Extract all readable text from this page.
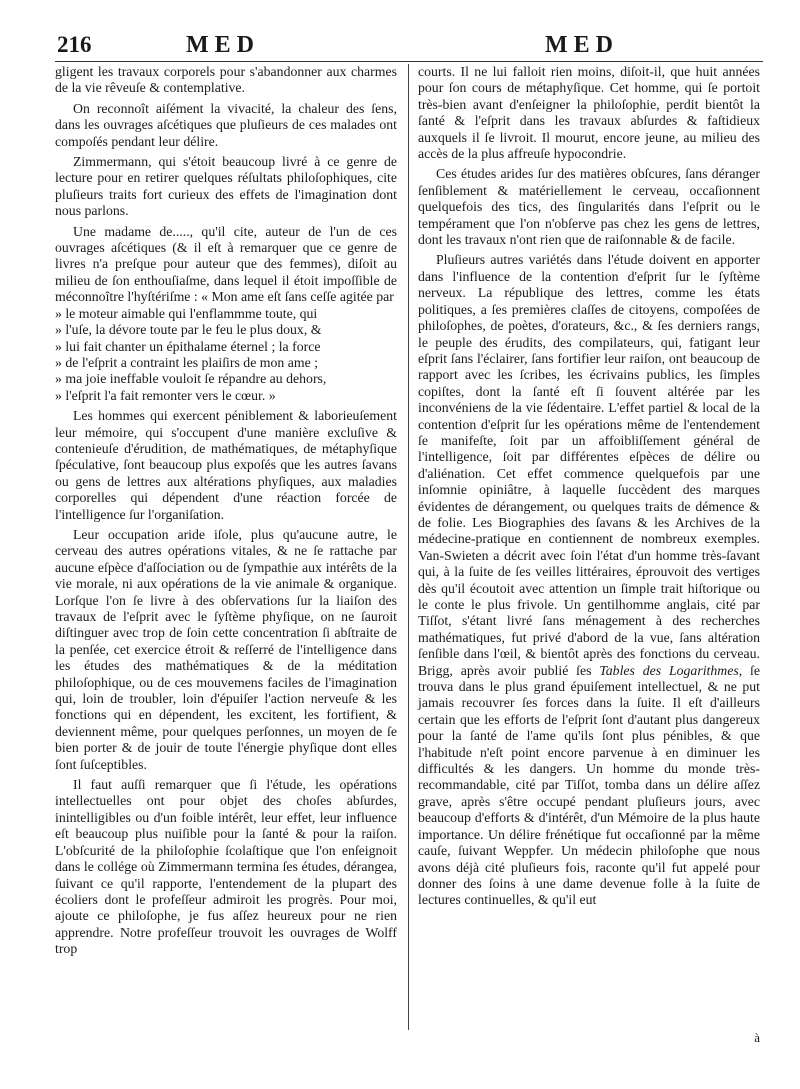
216	MED	MED

gligent les travaux corporels pour s'abandonner aux charmes de la vie rêveuſe & contemplative.

On reconnoît aiſément la vivacité, la chaleur des ſens, dans les ouvrages aſcétiques que pluſieurs de ces malades ont compoſés pendant leur délire.

Zimmermann, qui s'étoit beaucoup livré à ce genre de lecture pour en retirer quelques réſultats philoſophiques, cite pluſieurs traits fort curieux des effets de l'imagination dont nous parlons.

Une madame de....., qu'il cite, auteur de l'un de ces ouvrages aſcétiques (& il eſt à remarquer que ce genre de livres n'a preſque pour auteur que des femmes), diſoit au milieu de ſon enthouſiaſme, dans lequel il étoit impoſſible de méconnoître l'hyſtériſme : « Mon ame eſt ſans ceſſe agitée par

» le moteur aimable qui l'enflammme toute, qui
» l'uſe, la dévore toute par le feu le plus doux, &
» lui fait chanter un épithalame éternel ; la force
» de l'eſprit a contraint les plaiſirs de mon ame ;
» ma joie ineffable vouloit ſe répandre au dehors,
» l'eſprit l'a fait remonter vers le cœur. »

Les hommes qui exercent péniblement & laborieuſement leur mémoire, qui s'occupent d'une manière excluſive & contenieuſe d'érudition, de mathématiques, de métaphyſique ſpéculative, ſont beaucoup plus expoſés que les autres ſavans ou gens de lettres aux altérations phyſiques, aux maladies corporelles qui dépendent d'une réaction forcée de l'intelligence ſur l'organiſation.

Leur occupation aride iſole, plus qu'aucune autre, le cerveau des autres opérations vitales, & ne ſe rattache par aucune eſpèce d'aſſociation ou de ſympathie aux intérêts de la vie morale, ni aux opérations de la vie animale & organique. Lorſque l'on ſe livre à des obſervations ſur la liaiſon des travaux de l'eſprit avec le ſyſtème phyſique, on ne ſauroit diſtinguer avec trop de ſoin cette concentration ſi abſtraite de la penſée, cet exercice étroit & reſſerré de l'intelligence dans les études des mathématiques & de la méditation philoſophique, ou de ces mouvemens faciles de l'imagination qui, loin de troubler, loin d'épuiſer l'action nerveuſe & les fonctions qui en dépendent, les excitent, les fortifient, & deviennent même, pour quelques perſonnes, un moyen de ſe bien porter & de jouir de toute l'énergie phyſique dont elles ſont ſuſceptibles.

Il faut auſſi remarquer que ſi l'étude, les opérations intellectuelles ont pour objet des choſes abſurdes, inintelligibles ou d'un foible intérêt, leur effet, leur influence eſt beaucoup plus nuiſible pour la ſanté & pour la raiſon. L'obſcurité de la philoſophie ſcolaſtique que l'on enſeignoit dans le collége où Zimmermann termina ſes études, dérangea, ſuivant ce qu'il rapporte, l'entendement de la plupart des écoliers dont le profeſſeur admiroit les progrès. Pour moi, ajoute ce philoſophe, je fus aſſez heureux pour ne rien apprendre. Notre profeſſeur trouvoit les ouvrages de Wolff trop

courts. Il ne lui falloit rien moins, diſoit-il, que huit années pour ſon cours de métaphyſique. Cet homme, qui ſe portoit très-bien avant d'enſeigner la philoſophie, perdit bientôt la ſanté & l'eſprit dans les travaux abſurdes & faſtidieux auxquels il ſe livroit. Il mourut, encore jeune, au milieu des accès de la plus affreuſe hypocondrie.

Ces études arides ſur des matières obſcures, ſans déranger ſenſiblement & matériellement le cerveau, occaſionnent quelquefois des tics, des ſingularités dans l'eſprit ou le tempérament que l'on n'obſerve pas chez les gens de lettres, dont les travaux n'ont rien que de raiſonnable & de facile.

Pluſieurs autres variétés dans l'étude doivent en apporter dans l'influence de la contention d'eſprit ſur le ſyſtème nerveux. La république des lettres, comme les états politiques, a ſes premières claſſes de citoyens, compoſées de philoſophes, de poètes, d'orateurs, &c., & ſes derniers rangs, le peuple des érudits, des compilateurs, qui, fatigant leur eſprit ſans l'éclairer, ſans fortifier leur raiſon, ont beaucoup de rapport avec les ſcribes, les écrivains publics, les ſimples copiſtes, dont la ſanté eſt ſi ſouvent altérée par les inconvéniens de la vie ſédentaire. L'effet partiel & local de la contention d'eſprit ſur les opérations même de l'entendement ſe manifeſte, ſoit par un affoibliſſement général de l'intelligence, ſoit par différentes eſpèces de délire ou d'aliénation. Cet effet commence quelquefois par une inſomnie opiniâtre, à laquelle ſuccèdent des marques évidentes de dérangement, ou quelques traits de démence & de folie. Les Biographies des ſavans & les Archives de la médecine-pratique en contiennent de nombreux exemples. Van-Swieten a décrit avec ſoin l'état d'un homme très-ſavant qui, à la ſuite de ſes veilles littéraires, éprouvoit des vertiges dès qu'il écoutoit avec attention un ſimple trait hiſtorique ou le conte le plus frivole. Un gentilhomme anglais, cité par Tiſſot, s'étant livré ſans ménagement à des recherches mathématiques, fut privé d'abord de la vue, ſans altération ſenſible dans l'œil, & bientôt après des fonctions du cerveau. Brigg, après avoir publié ſes Tables des Logarithmes, ſe trouva dans le plus grand épuiſement intellectuel, & ne put jamais recouvrer ſes forces dans la ſuite. Il eſt d'ailleurs certain que les efforts de l'eſprit ſont d'autant plus dangereux pour la ſanté de l'ame qu'ils ſont plus pénibles, & que l'habitude n'eſt point encore parvenue à en diminuer les difficultés & les dangers. Un homme du monde très-recommandable, cité par Tiſſot, tomba dans un délire aſſez grave, après s'être occupé pendant pluſieurs jours, avec beaucoup d'efforts & d'intérêt, d'un Mémoire de la plus haute importance. Un délire frénétique fut occaſionné par la même cauſe, ſuivant Weppfer. Un médecin philoſophe que nous avons déjà cité pluſieurs fois, raconte qu'il fut appelé pour donner des ſoins à une dame devenue folle à la ſuite de lectures continuelles, & qu'il eut

à
